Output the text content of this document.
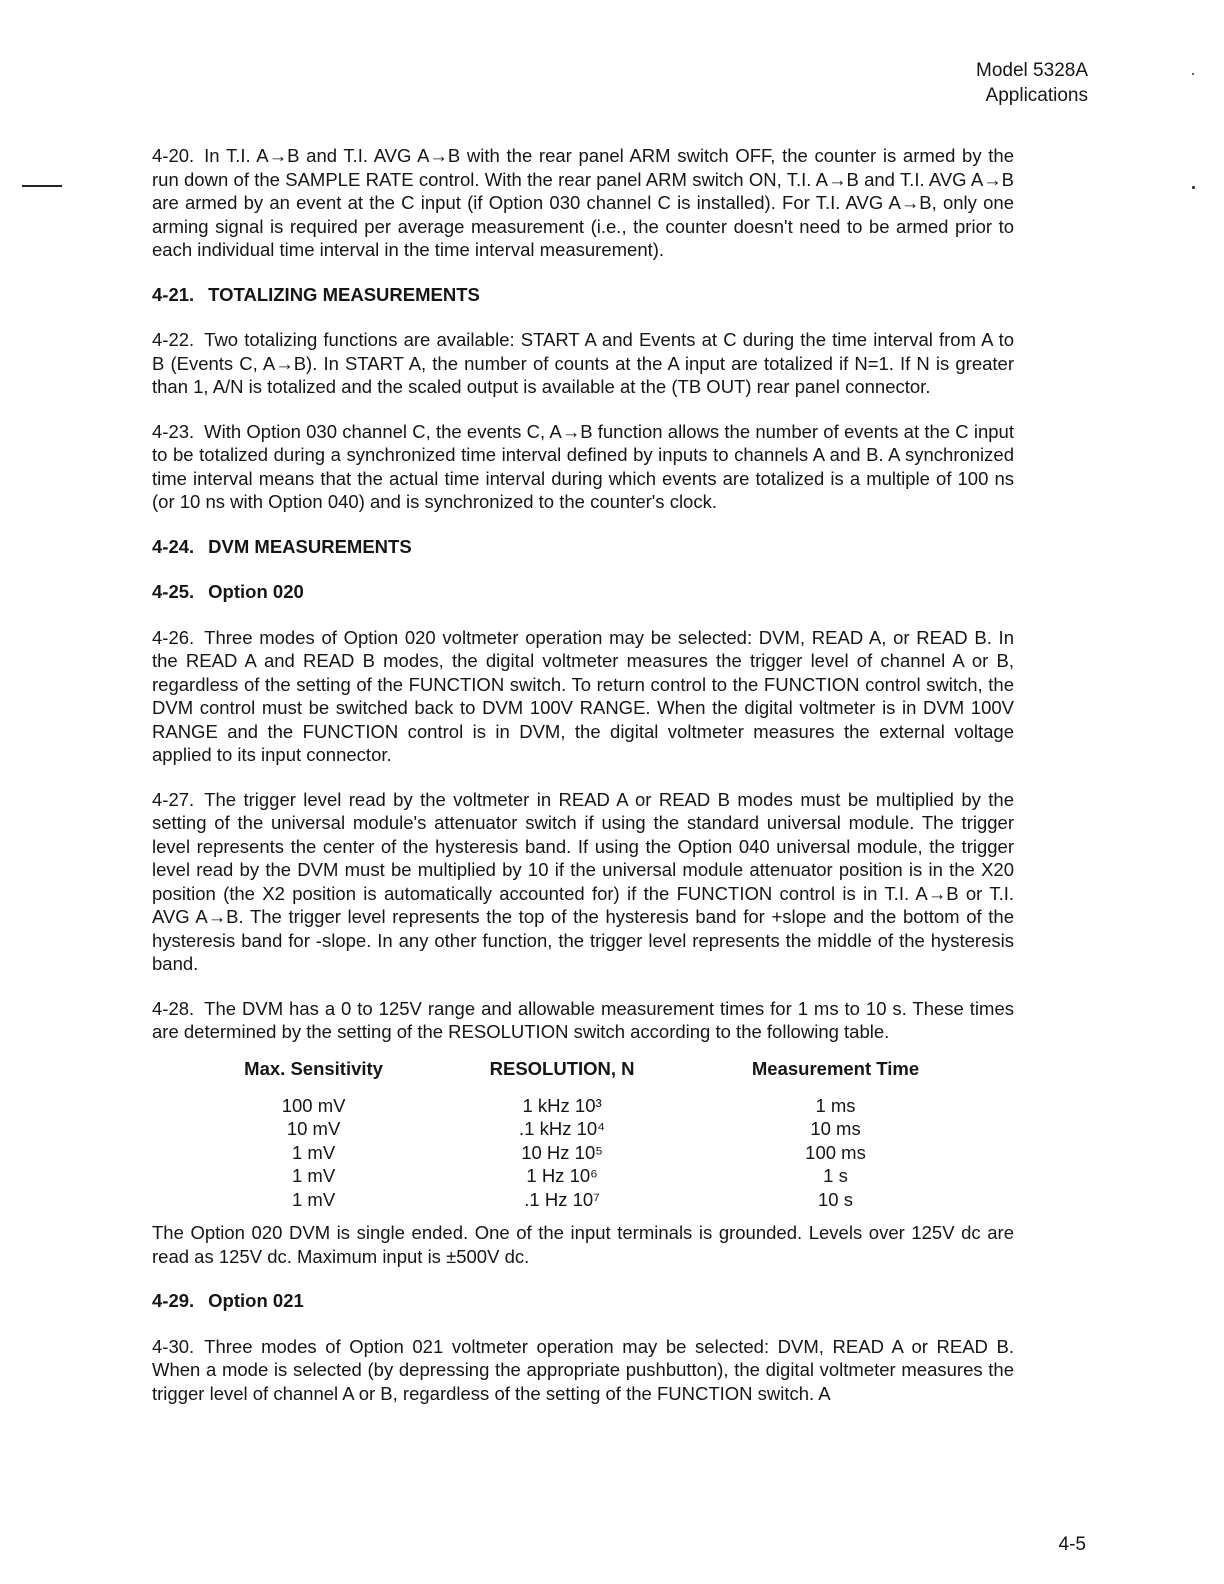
Model 5328A
Applications

4-20. In T.I. A→B and T.I. AVG A→B with the rear panel ARM switch OFF, the counter is armed by the run down of the SAMPLE RATE control. With the rear panel ARM switch ON, T.I. A→B and T.I. AVG A→B are armed by an event at the C input (if Option 030 channel C is installed). For T.I. AVG A→B, only one arming signal is required per average measurement (i.e., the counter doesn't need to be armed prior to each individual time interval in the time interval measurement).

4-21. TOTALIZING MEASUREMENTS

4-22. Two totalizing functions are available: START A and Events at C during the time interval from A to B (Events C, A→B). In START A, the number of counts at the A input are totalized if N=1. If N is greater than 1, A/N is totalized and the scaled output is available at the (TB OUT) rear panel connector.

4-23. With Option 030 channel C, the events C, A→B function allows the number of events at the C input to be totalized during a synchronized time interval defined by inputs to channels A and B. A synchronized time interval means that the actual time interval during which events are totalized is a multiple of 100 ns (or 10 ns with Option 040) and is synchronized to the counter's clock.

4-24. DVM MEASUREMENTS
4-25. Option 020

4-26. Three modes of Option 020 voltmeter operation may be selected: DVM, READ A, or READ B. In the READ A and READ B modes, the digital voltmeter measures the trigger level of channel A or B, regardless of the setting of the FUNCTION switch. To return control to the FUNCTION control switch, the DVM control must be switched back to DVM 100V RANGE. When the digital voltmeter is in DVM 100V RANGE and the FUNCTION control is in DVM, the digital voltmeter measures the external voltage applied to its input connector.

4-27. The trigger level read by the voltmeter in READ A or READ B modes must be multiplied by the setting of the universal module's attenuator switch if using the standard universal module. The trigger level represents the center of the hysteresis band. If using the Option 040 universal module, the trigger level read by the DVM must be multiplied by 10 if the universal module attenuator position is in the X20 position (the X2 position is automatically accounted for) if the FUNCTION control is in T.I. A→B or T.I. AVG A→B. The trigger level represents the top of the hysteresis band for +slope and the bottom of the hysteresis band for -slope. In any other function, the trigger level represents the middle of the hysteresis band.

4-28. The DVM has a 0 to 125V range and allowable measurement times for 1 ms to 10 s. These times are determined by the setting of the RESOLUTION switch according to the following table.

Max. Sensitivity	RESOLUTION, N	Measurement Time
100 mV	1 kHz 10³	1 ms
10 mV	.1 kHz 10⁴	10 ms
1 mV	10 Hz 10⁵	100 ms
1 mV	1 Hz 10⁶	1 s
1 mV	.1 Hz 10⁷	10 s

The Option 020 DVM is single ended. One of the input terminals is grounded. Levels over 125V dc are read as 125V dc. Maximum input is ±500V dc.

4-29. Option 021

4-30. Three modes of Option 021 voltmeter operation may be selected: DVM, READ A or READ B. When a mode is selected (by depressing the appropriate pushbutton), the digital voltmeter measures the trigger level of channel A or B, regardless of the setting of the FUNCTION switch. A

4-5
